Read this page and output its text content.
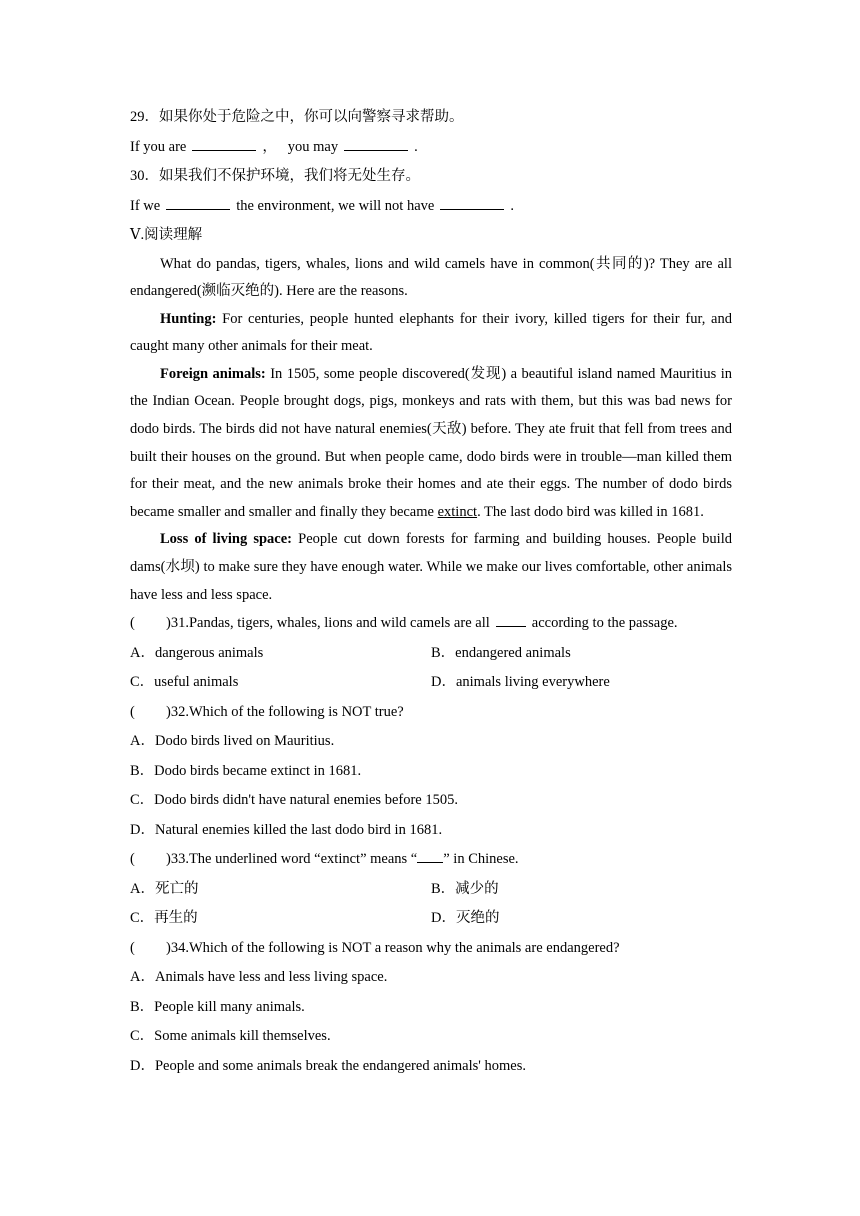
29．如果你处于危险之中，你可以向警察寻求帮助。
If you are	， you may	.
30．如果我们不保护环境，我们将无处生存。
If we	the environment, we will not have	.
Ⅴ.阅读理解
What do pandas, tigers, whales, lions and wild camels have in common(共同的)? They are all endangered(濒临灭绝的). Here are the reasons.
Hunting: For centuries, people hunted elephants for their ivory, killed tigers for their fur, and caught many other animals for their meat.
Foreign animals: In 1505, some people discovered(发现) a beautiful island named Mauritius in the Indian Ocean. People brought dogs, pigs, monkeys and rats with them, but this was bad news for dodo birds. The birds did not have natural enemies(天敌) before. They ate fruit that fell from trees and built their houses on the ground. But when people came, dodo birds were in trouble—man killed them for their meat, and the new animals broke their homes and ate their eggs. The number of dodo birds became smaller and smaller and finally they became extinct. The last dodo bird was killed in 1681.
Loss of living space: People cut down forests for farming and building houses. People build dams(水坝) to make sure they have enough water. While we make our lives comfortable, other animals have less and less space.
( )31.Pandas, tigers, whales, lions and wild camels are all	according to the passage.
A．dangerous animals	B．endangered animals
C．useful animals	D．animals living everywhere
( )32.Which of the following is NOT true?
A．Dodo birds lived on Mauritius.
B．Dodo birds became extinct in 1681.
C．Dodo birds didn't have natural enemies before 1505.
D．Natural enemies killed the last dodo bird in 1681.
( )33.The underlined word “extinct” means “ ” in Chinese.
A．死亡的	B．减少的
C．再生的	D．灭绝的
( )34.Which of the following is NOT a reason why the animals are endangered?
A．Animals have less and less living space.
B．People kill many animals.
C．Some animals kill themselves.
D．People and some animals break the endangered animals' homes.
